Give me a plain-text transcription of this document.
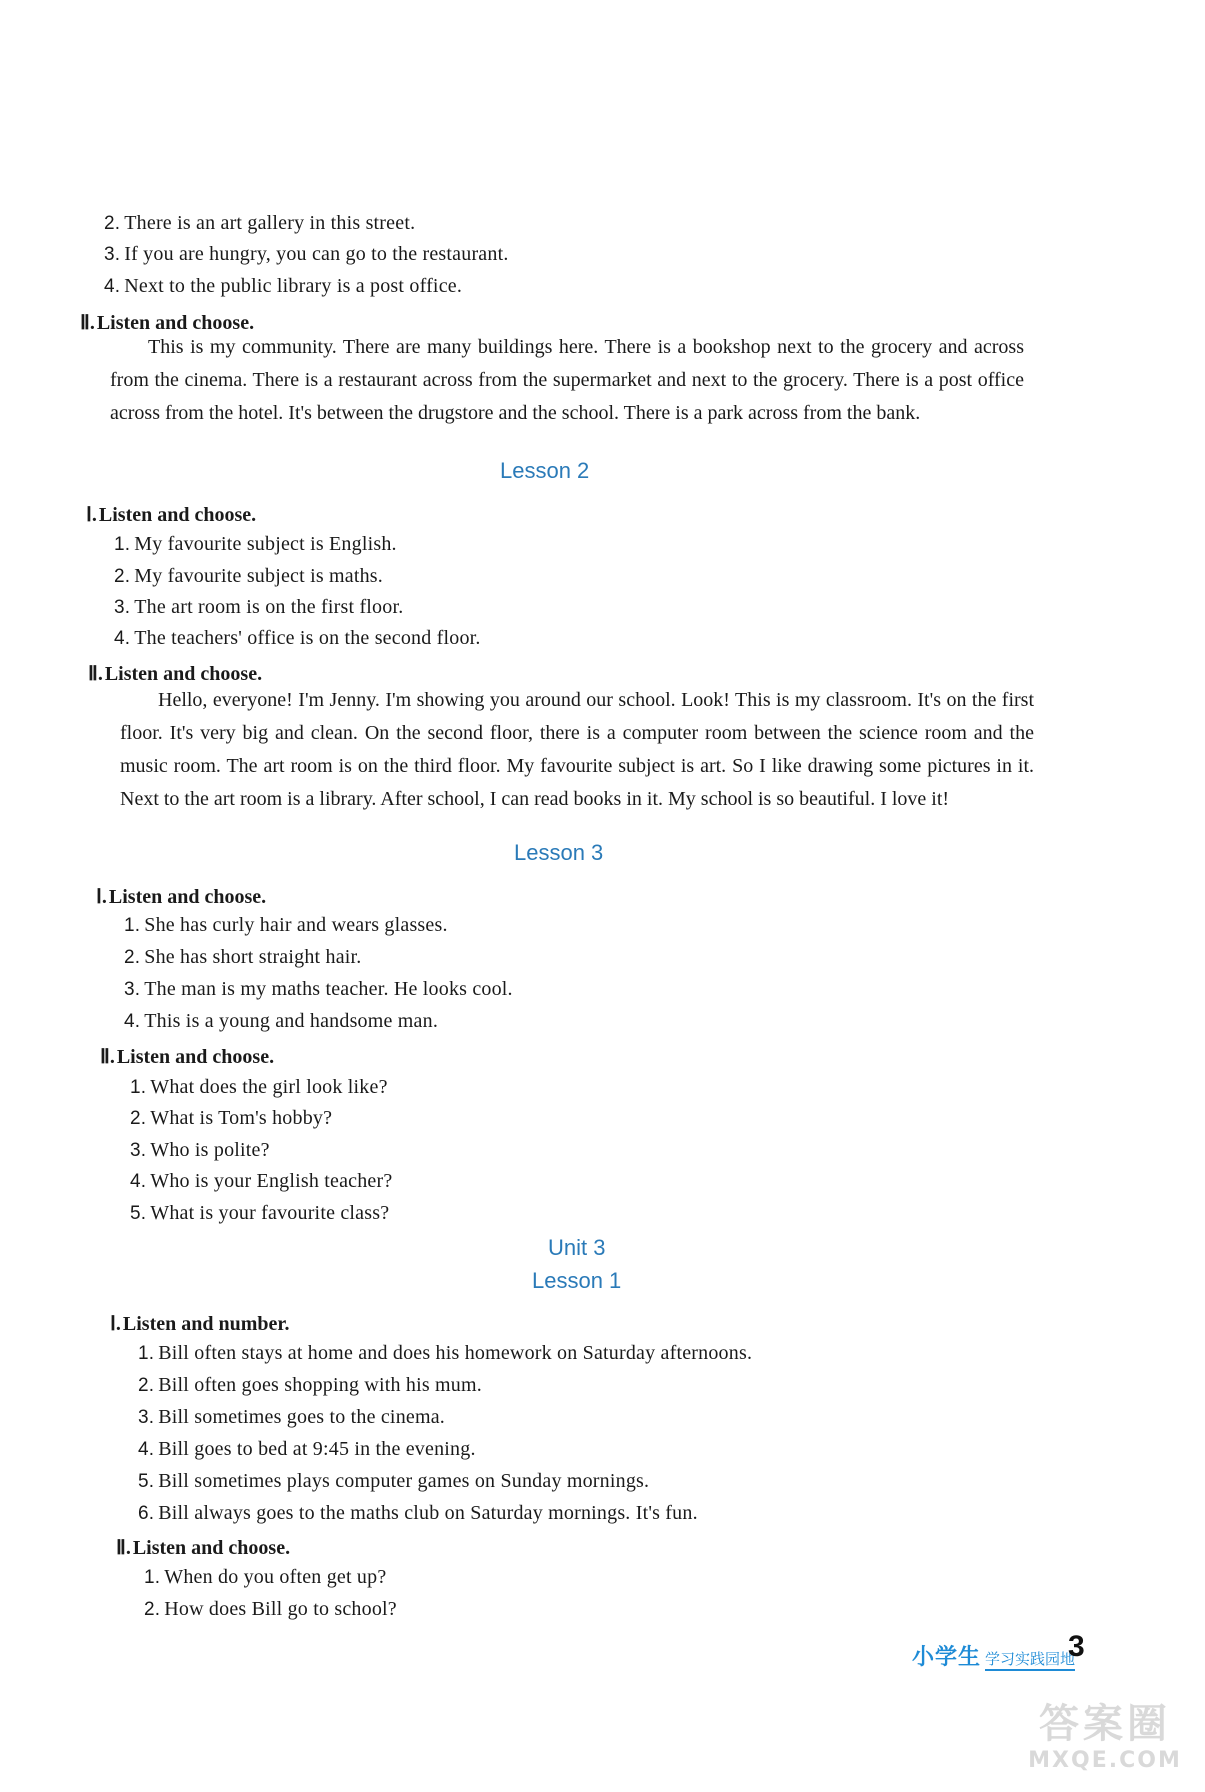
2. There is an art gallery in this street.
3. If you are hungry, you can go to the restaurant.
4. Next to the public library is a post office.
Ⅱ. Listen and choose.
This is my community. There are many buildings here. There is a bookshop next to the grocery and across from the cinema. There is a restaurant across from the supermarket and next to the grocery. There is a post office across from the hotel. It's between the drugstore and the school. There is a park across from the bank.
Lesson 2
Ⅰ. Listen and choose.
1. My favourite subject is English.
2. My favourite subject is maths.
3. The art room is on the first floor.
4. The teachers' office is on the second floor.
Ⅱ. Listen and choose.
Hello, everyone! I'm Jenny. I'm showing you around our school. Look! This is my classroom. It's on the first floor. It's very big and clean. On the second floor, there is a computer room between the science room and the music room. The art room is on the third floor. My favourite subject is art. So I like drawing some pictures in it. Next to the art room is a library. After school, I can read books in it. My school is so beautiful. I love it!
Lesson 3
Ⅰ. Listen and choose.
1. She has curly hair and wears glasses.
2. She has short straight hair.
3. The man is my maths teacher. He looks cool.
4. This is a young and handsome man.
Ⅱ. Listen and choose.
1. What does the girl look like?
2. What is Tom's hobby?
3. Who is polite?
4. Who is your English teacher?
5. What is your favourite class?
Unit 3
Lesson 1
Ⅰ. Listen and number.
1. Bill often stays at home and does his homework on Saturday afternoons.
2. Bill often goes shopping with his mum.
3. Bill sometimes goes to the cinema.
4. Bill goes to bed at 9:45 in the evening.
5. Bill sometimes plays computer games on Sunday mornings.
6. Bill always goes to the maths club on Saturday mornings. It's fun.
Ⅱ. Listen and choose.
1. When do you often get up?
2. How does Bill go to school?
小学生 学习实践园地
3
答案圈
MXQE.COM
